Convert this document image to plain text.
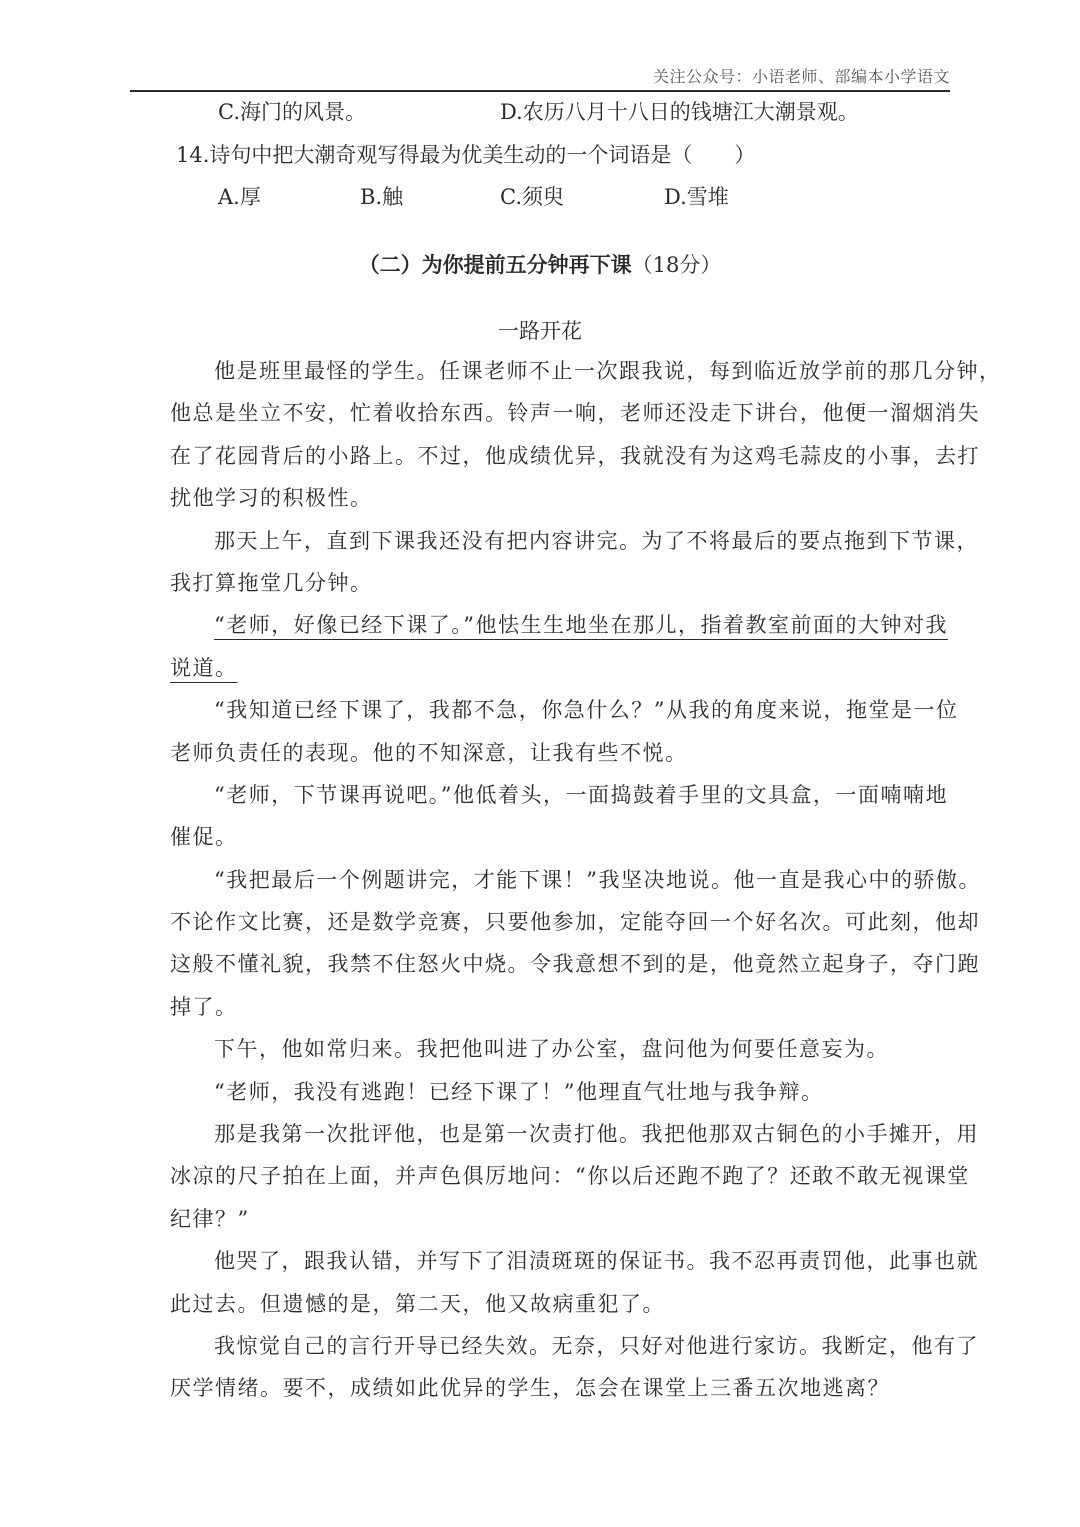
关注公众号：小语老师、部编本小学语文
C.海门的风景。	D.农历八月十八日的钱塘江大潮景观。
14.诗句中把大潮奇观写得最为优美生动的一个词语是（　　）
A.厚	B.触	C.须臾	D.雪堆
（二）为你提前五分钟再下课（18分）
一路开花
他是班里最怪的学生。任课老师不止一次跟我说，每到临近放学前的那几分钟，
他总是坐立不安，忙着收拾东西。铃声一响，老师还没走下讲台，他便一溜烟消失
在了花园背后的小路上。不过，他成绩优异，我就没有为这鸡毛蒜皮的小事，去打
扰他学习的积极性。
那天上午，直到下课我还没有把内容讲完。为了不将最后的要点拖到下节课，
我打算拖堂几分钟。
“老师，好像已经下课了。”他怯生生地坐在那儿，指着教室前面的大钟对我
说道。
“我知道已经下课了，我都不急，你急什么？”从我的角度来说，拖堂是一位
老师负责任的表现。他的不知深意，让我有些不悦。
“老师，下节课再说吧。”他低着头，一面捣鼓着手里的文具盒，一面喃喃地
催促。
“我把最后一个例题讲完，才能下课！”我坚决地说。他一直是我心中的骄傲。
不论作文比赛，还是数学竞赛，只要他参加，定能夺回一个好名次。可此刻，他却
这般不懂礼貌，我禁不住怒火中烧。令我意想不到的是，他竟然立起身子，夺门跑
掉了。
下午，他如常归来。我把他叫进了办公室，盘问他为何要任意妄为。
“老师，我没有逃跑！已经下课了！”他理直气壮地与我争辩。
那是我第一次批评他，也是第一次责打他。我把他那双古铜色的小手摊开，用
冰凉的尺子拍在上面，并声色俱厉地问：“你以后还跑不跑了？还敢不敢无视课堂
纪律？”
他哭了，跟我认错，并写下了泪渍斑斑的保证书。我不忍再责罚他，此事也就
此过去。但遗憾的是，第二天，他又故病重犯了。
我惊觉自己的言行开导已经失效。无奈，只好对他进行家访。我断定，他有了
厌学情绪。要不，成绩如此优异的学生，怎会在课堂上三番五次地逃离？
